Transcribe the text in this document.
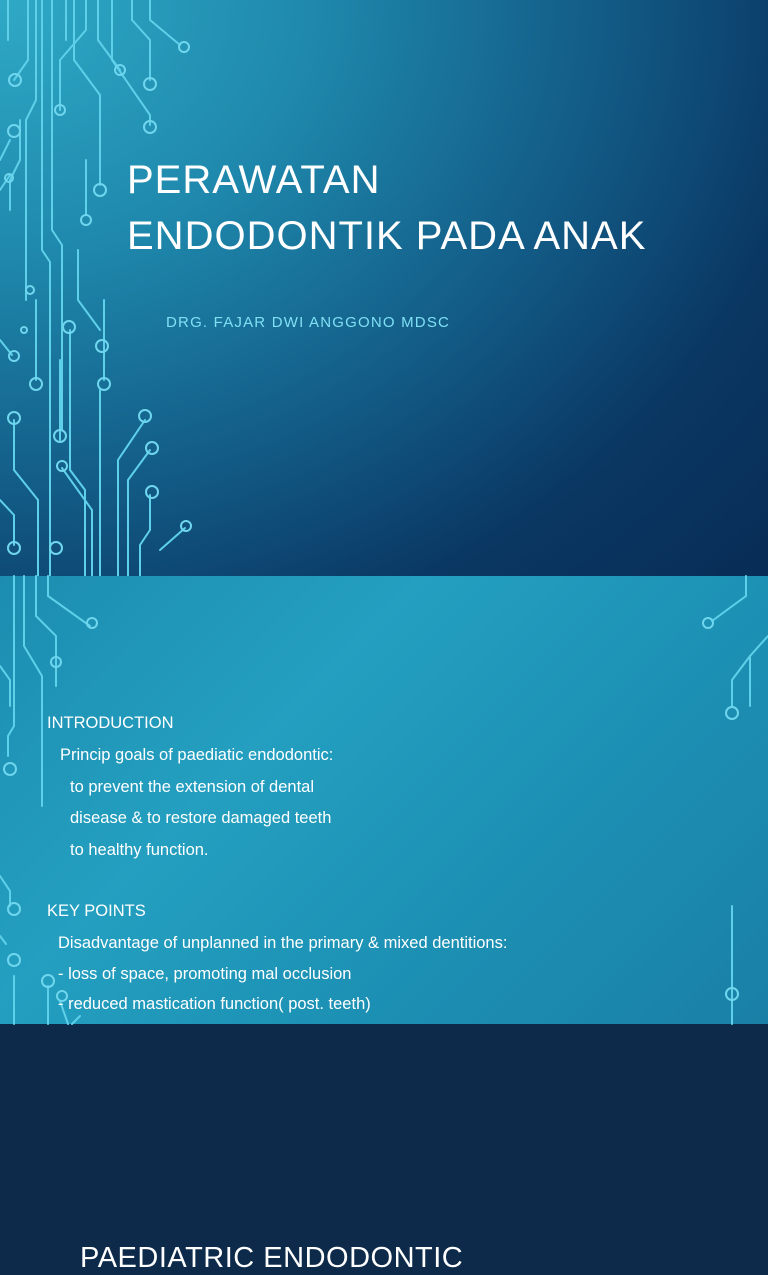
PERAWATAN
ENDODONTIK PADA ANAK

DRG. FAJAR DWI ANGGONO MDSC

PAEDIATRIC ENDODONTIC

INTRODUCTION

Princip goals of paediatic endodontic:

to prevent the extension of dental

disease & to restore damaged teeth

to healthy function.

KEY POINTS

Disadvantage of unplanned in the primary & mixed dentitions:

- loss of space, promoting mal occlusion

- reduced mastication function( post. teeth)
